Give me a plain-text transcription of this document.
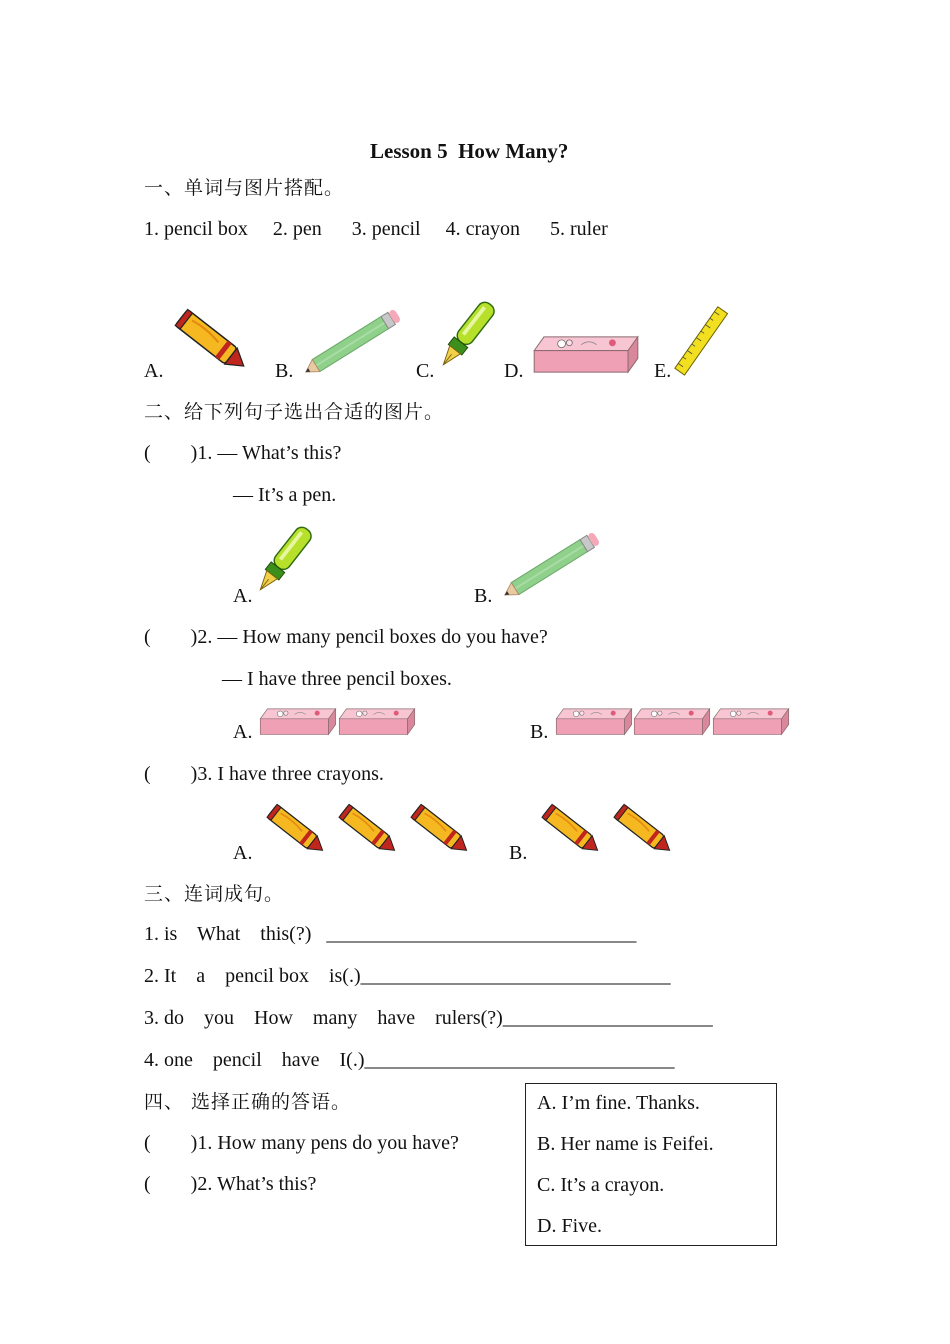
Lesson 5  How Many?
一、单词与图片搭配。
1. pencil box     2. pen      3. pencil     4. crayon      5. ruler
A.	B.	C.	D.	E.
二、给下列句子选出合适的图片。
(        )1. — What’s this?
— It’s a pen.
A.	B.
(        )2. — How many pencil boxes do you have?
— I have three pencil boxes.
A.	B.
(        )3. I have three crayons.
A.	B.
三、连词成句。
1. is    What    this(?)   _______________________________
2. It    a    pencil box    is(.)_______________________________
3. do    you    How    many    have    rulers(?)_____________________
4. one    pencil    have    I(.)_______________________________
四、 选择正确的答语。
(        )1. How many pens do you have?
(        )2. What’s this?
A. I’m fine. Thanks.
B. Her name is Feifei.
C. It’s a crayon.
D. Five.
